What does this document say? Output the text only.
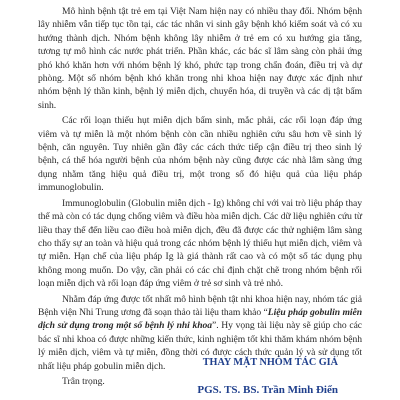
Mô hình bệnh tật trẻ em tại Việt Nam hiện nay có nhiều thay đổi. Nhóm bệnh lây nhiễm vẫn tiếp tục tồn tại, các tác nhân vi sinh gây bệnh khó kiểm soát và có xu hướng thành dịch. Nhóm bệnh không lây nhiễm ở trẻ em có xu hướng gia tăng, tương tự mô hình các nước phát triển. Phần khác, các bác sĩ lâm sàng còn phải ứng phó khó khăn hơn với nhóm bệnh lý khó, phức tạp trong chẩn đoán, điều trị và dự phòng. Một số nhóm bệnh khó khăn trong nhi khoa hiện nay được xác định như nhóm bệnh lý thần kinh, bệnh lý miễn dịch, chuyển hóa, di truyền và các dị tật bẩm sinh.

Các rối loạn thiếu hụt miễn dịch bẩm sinh, mắc phải, các rối loạn đáp ứng viêm và tự miễn là một nhóm bệnh còn cần nhiều nghiên cứu sâu hơn về sinh lý bệnh, căn nguyên. Tuy nhiên gần đây các cách thức tiếp cận điều trị theo sinh lý bệnh, cá thể hóa người bệnh của nhóm bệnh này cũng được các nhà lâm sàng ứng dụng nhằm tăng hiệu quả điều trị, một trong số đó hiệu quả của liệu pháp immunoglobulin.

Immunoglobulin (Globulin miễn dịch - Ig) không chỉ với vai trò liệu pháp thay thế mà còn có tác dụng chống viêm và điều hòa miễn dịch. Các dữ liệu nghiên cứu từ liều thay thế đến liều cao điều hoà miễn dịch, đều đã được các thử nghiệm lâm sàng cho thấy sự an toàn và hiệu quả trong các nhóm bệnh lý thiếu hụt miễn dịch, viêm và tự miễn. Hạn chế của liệu pháp Ig là giá thành rất cao và có một số tác dụng phụ không mong muốn. Do vậy, cần phải có các chỉ định chặt chẽ trong nhóm bệnh rối loạn miễn dịch và rối loạn đáp ứng viêm ở trẻ sơ sinh và trẻ nhỏ.

Nhằm đáp ứng được tốt nhất mô hình bệnh tật nhi khoa hiện nay, nhóm tác giả Bệnh viện Nhi Trung ương đã soạn thảo tài liệu tham khảo “Liệu pháp gobulin miễn dịch sử dụng trong một số bệnh lý nhi khoa”. Hy vọng tài liệu này sẽ giúp cho các bác sĩ nhi khoa có được những kiến thức, kinh nghiệm tốt khi thăm khám nhóm bệnh lý miễn dịch, viêm và tự miễn, đồng thời có được cách thức quản lý và sử dụng tốt nhất liệu pháp gobulin miễn dịch.

Trân trọng.

THAY MẶT NHÓM TÁC GIẢ
PGS. TS. BS. Trần Minh Điển
